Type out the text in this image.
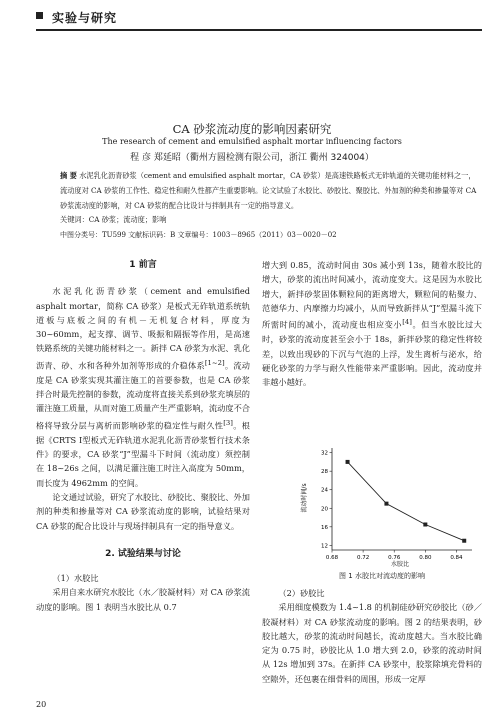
实验与研究
CA 砂浆流动度的影响因素研究
The research of cement and emulsified asphalt mortar influencing factors
程 彦 郑延昭（衢州方圆检测有限公司，浙江 衢州 324004）
摘 要 水泥乳化沥青砂浆（cement and emulsified asphalt mortar，CA 砂浆）是高速铁路板式无砟轨道的关键功能材料之一，流动度对 CA 砂浆的工作性、稳定性和耐久性都产生重要影响。论文试验了水胶比、砂胶比、聚胶比、外加剂的种类和掺量等对 CA 砂浆流动度的影响，对 CA 砂浆的配合比设计与拌制具有一定的指导意义。
关键词：CA 砂浆；流动度；影响
中图分类号：TU599 文献标识码：B 文章编号：1003－8965（2011）03－0020－02

1 前言

水泥乳化沥青砂浆（cement and emulsified asphalt mortar，简称 CA 砂浆）是板式无砟轨道系统轨道板与底板之间的有机－无机复合材料，厚度为 30~60mm，起支撑、调节、吸振和隔振等作用，是高速铁路系统的关键功能材料之一。新拌 CA 砂浆为水泥、乳化沥青、砂、水和各种外加剂等形成的介稳体系[1~2]。流动度是 CA 砂浆实现其灌注施工的首要参数，也是 CA 砂浆拌合时最先控制的参数，流动度将直接关系到砂浆充填层的灌注施工质量，从而对施工质量产生严重影响，流动度不合格将导致分层与离析而影响砂浆的稳定性与耐久性[3]。根据《CRTS Ⅰ型板式无砟轨道水泥乳化沥青砂浆暂行技术条件》的要求，CA 砂浆“J”型漏斗下时间（流动度）须控制在 18~26s 之间，以满足灌注施工时注入高度为 50mm，而长度为 4962mm 的空间。

论文通过试验，研究了水胶比、砂胶比、聚胶比、外加剂的种类和掺量等对 CA 砂浆流动度的影响，试验结果对 CA 砂浆的配合比设计与现场拌制具有一定的指导意义。

2. 试验结果与讨论

（1）水胶比

采用自来水研究水胶比（水／胶凝材料）对 CA 砂浆流动度的影响。图 1 表明当水胶比从 0.7

增大到 0.85，流动时间由 30s 减小到 13s，随着水胶比的增大，砂浆的流出时间减小，流动度变大。这是因为水胶比增大，新拌砂浆固体颗粒间的距离增大，颗粒间的粘聚力、范德华力、内摩擦力均减小，从而导致新拌从“J”型漏斗流下所需时间的减小，流动度也相应变小[4]。但当水胶比过大时，砂浆的流动度甚至会小于 18s，新拌砂浆的稳定性将较差，以致出现砂的下沉与气泡的上浮，发生离析与泌水，给硬化砂浆的力学与耐久性能带来严重影响。因此，流动度并非越小越好。

0.68	0.72	0.76	0.80	0.84
12
16
20
24
28
32
水胶比
流动时间/s
图 1 水胶比对流动度的影响

（2）砂胶比

采用细度模数为 1.4~1.8 的机制硅砂研究砂胶比（砂／胶凝材料）对 CA 砂浆流动度的影响。图 2 的结果表明，砂胶比越大，砂浆的流动时间越长，流动度越大。当水胶比确定为 0.75 时，砂胶比从 1.0 增大到 2.0，砂浆的流动时间从 12s 增加到 37s。在新拌 CA 砂浆中，胶浆除填充骨料的空隙外，还包裹在细骨料的周围，形成一定厚

20
